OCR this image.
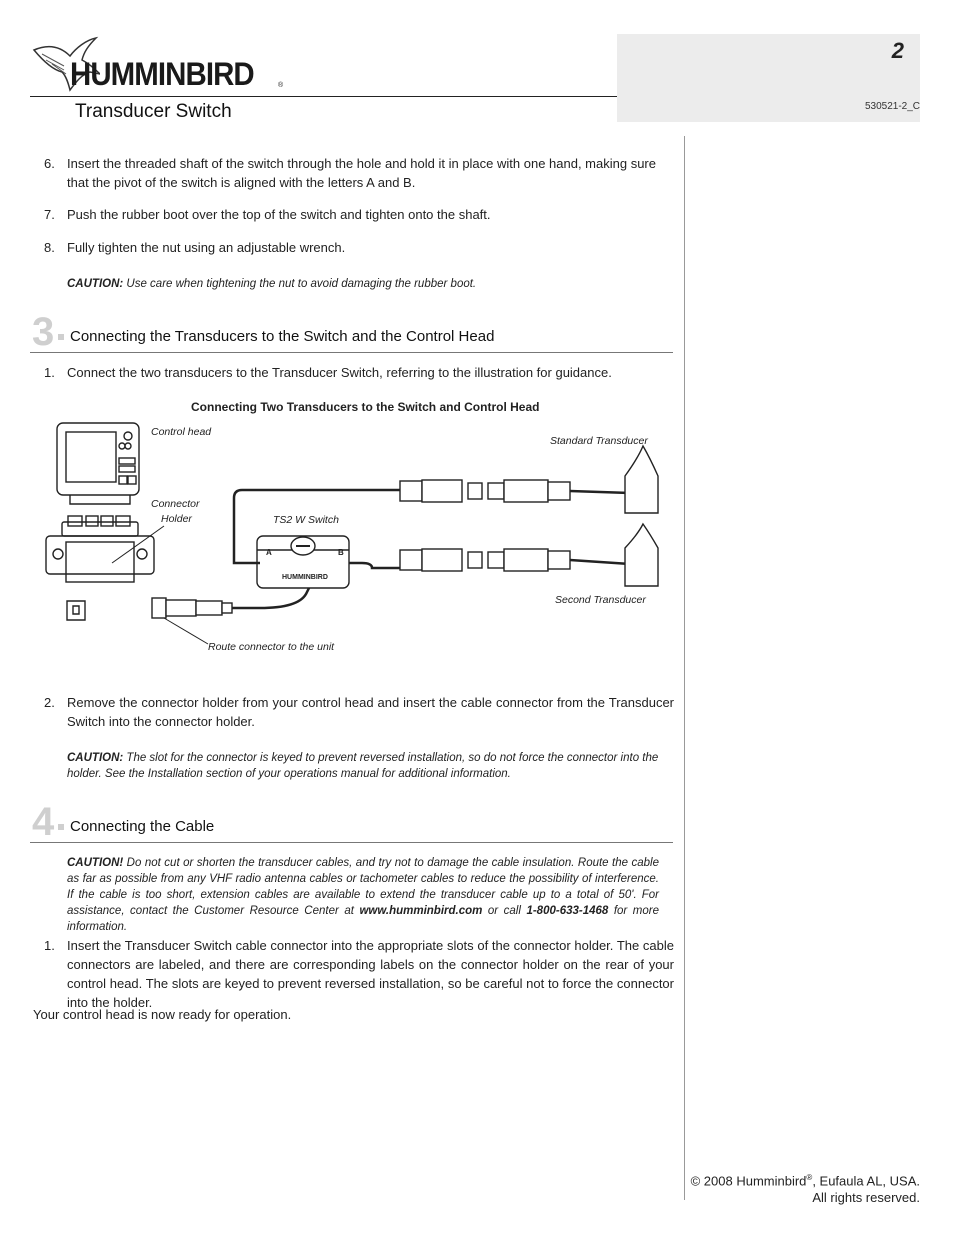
HUMMINBIRD	®
2
530521-2_C
Transducer Switch
6. Insert the threaded shaft of the switch through the hole and hold it in place with one hand, making sure that the pivot of the switch is aligned with the letters A and B.
7. Push the rubber boot over the top of the switch and tighten onto the shaft.
8. Fully tighten the nut using an adjustable wrench.
CAUTION: Use care when tightening the nut to avoid damaging the rubber boot.
3 Connecting the Transducers to the Switch and the Control Head
1. Connect the two transducers to the Transducer Switch, referring to the illustration for guidance.
Connecting Two Transducers to the Switch and Control Head
A	B
HUMMINBIRD
Control head
Standard Transducer
Connector
Holder	TS2 W Switch
Second Transducer
Route connector to the unit
2. Remove the connector holder from your control head and insert the cable connector from the Transducer Switch into the connector holder.
CAUTION: The slot for the connector is keyed to prevent reversed installation, so do not force the connector into the holder. See the Installation section of your operations manual for additional information.
4 Connecting the Cable
CAUTION! Do not cut or shorten the transducer cables, and try not to damage the cable insulation. Route the cable as far as possible from any VHF radio antenna cables or tachometer cables to reduce the possibility of interference. If the cable is too short, extension cables are available to extend the transducer cable up to a total of 50'. For assistance, contact the Customer Resource Center at www.humminbird.com or call 1-800-633-1468 for more information.
1. Insert the Transducer Switch cable connector into the appropriate slots of the connector holder. The cable connectors are labeled, and there are corresponding labels on the connector holder on the rear of your control head. The slots are keyed to prevent reversed installation, so be careful not to force the connector into the holder.
Your control head is now ready for operation.
© 2008 Humminbird®, Eufaula AL, USA.
All rights reserved.
